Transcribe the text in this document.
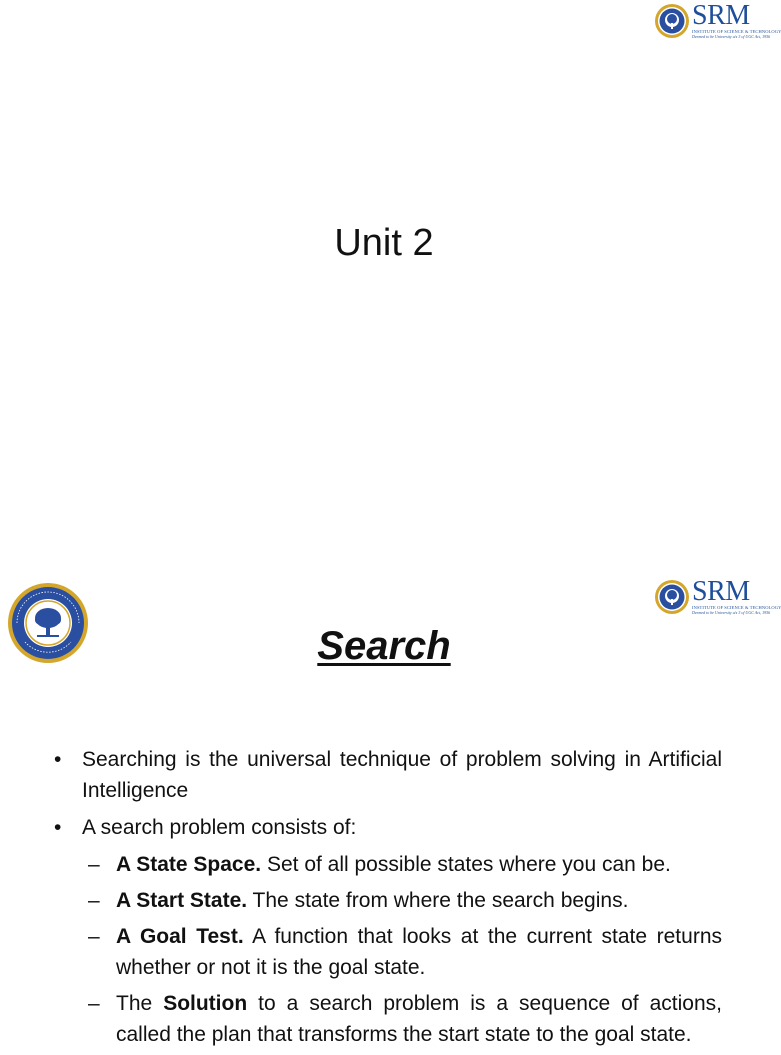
SRM
INSTITUTE OF SCIENCE & TECHNOLOGY
Deemed to be University u/s 3 of UGC Act, 1956
Unit 2
SRM
INSTITUTE OF SCIENCE & TECHNOLOGY
Deemed to be University u/s 3 of UGC Act, 1956
Search
• Searching is the universal technique of problem solving in Artificial Intelligence
• A search problem consists of:
– A State Space. Set of all possible states where you can be.
– A Start State. The state from where the search begins.
– A Goal Test. A function that looks at the current state returns whether or not it is the goal state.
– The Solution to a search problem is a sequence of actions, called the plan that transforms the start state to the goal state.
